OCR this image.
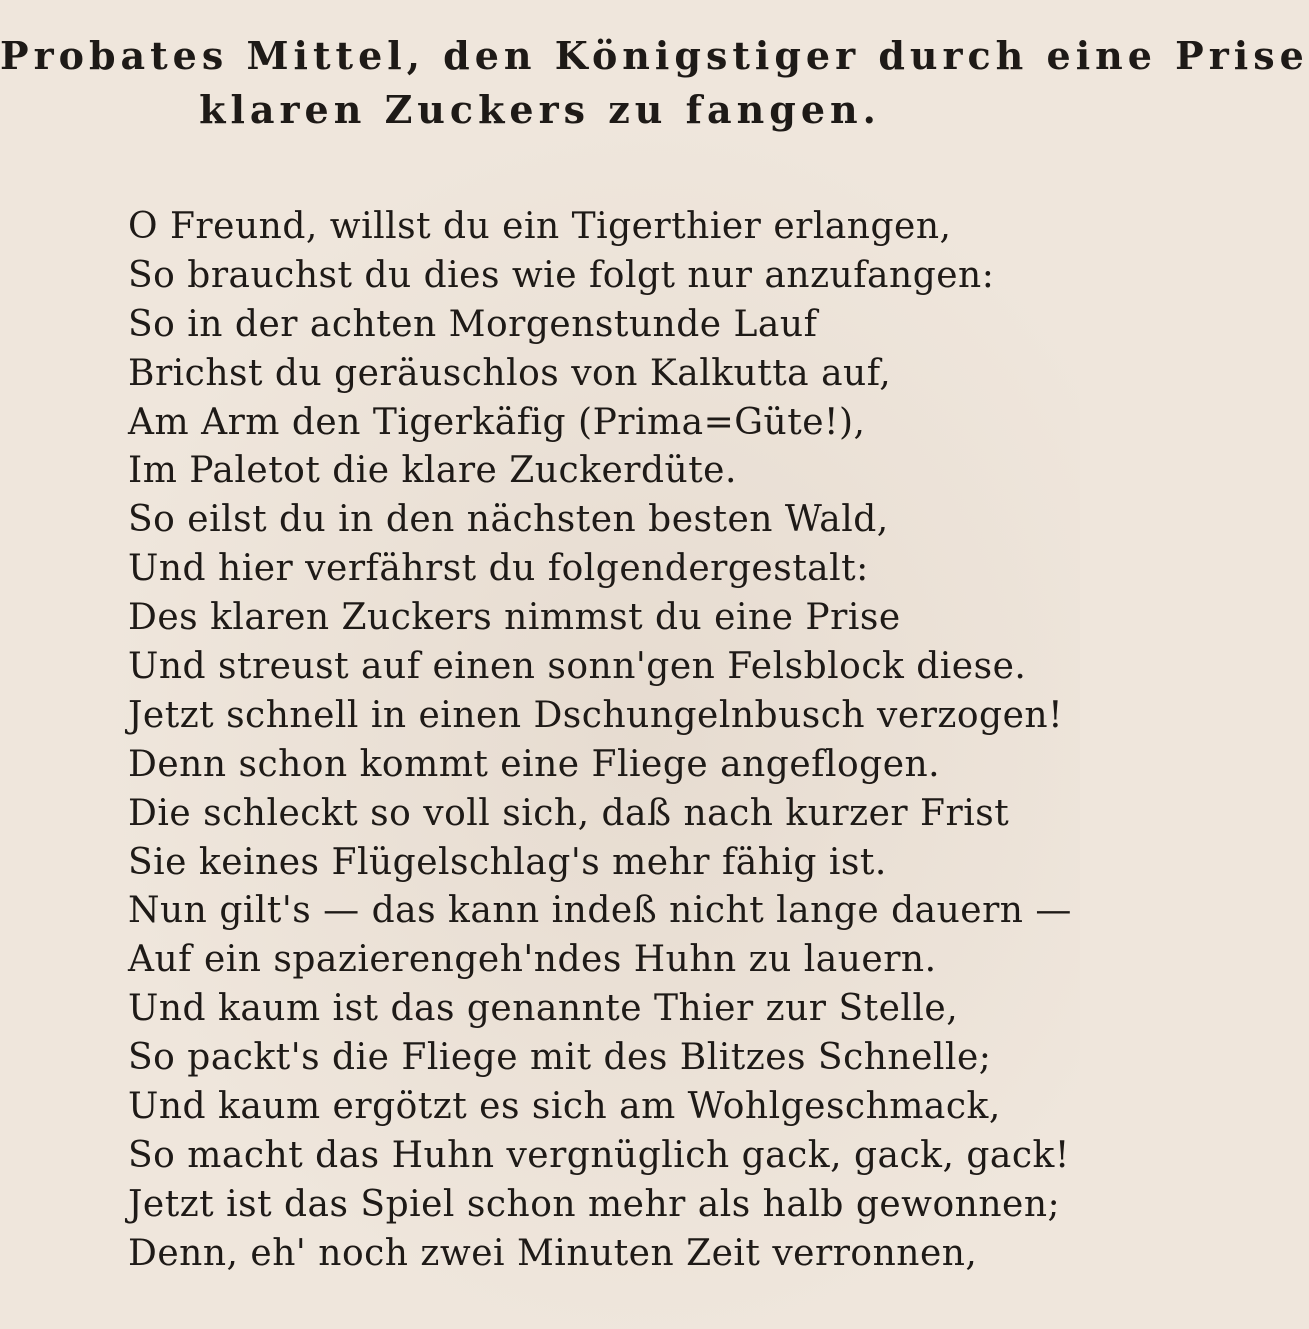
Probates Mittel, den Königstiger durch eine Prise
klaren Zuckers zu fangen.
O Freund, willst du ein Tigerthier erlangen,
So brauchst du dies wie folgt nur anzufangen:
So in der achten Morgenstunde Lauf
Brichst du geräuschlos von Kalkutta auf,
Am Arm den Tigerkäfig (Prima=Güte!),
Im Paletot die klare Zuckerdüte.
So eilst du in den nächsten besten Wald,
Und hier verfährst du folgendergestalt:
Des klaren Zuckers nimmst du eine Prise
Und streust auf einen sonn'gen Felsblock diese.
Jetzt schnell in einen Dschungelnbusch verzogen!
Denn schon kommt eine Fliege angeflogen.
Die schleckt so voll sich, daß nach kurzer Frist
Sie keines Flügelschlag's mehr fähig ist.
Nun gilt's — das kann indeß nicht lange dauern —
Auf ein spazierengeh'ndes Huhn zu lauern.
Und kaum ist das genannte Thier zur Stelle,
So packt's die Fliege mit des Blitzes Schnelle;
Und kaum ergötzt es sich am Wohlgeschmack,
So macht das Huhn vergnüglich gack, gack, gack!
Jetzt ist das Spiel schon mehr als halb gewonnen;
Denn, eh' noch zwei Minuten Zeit verronnen,
